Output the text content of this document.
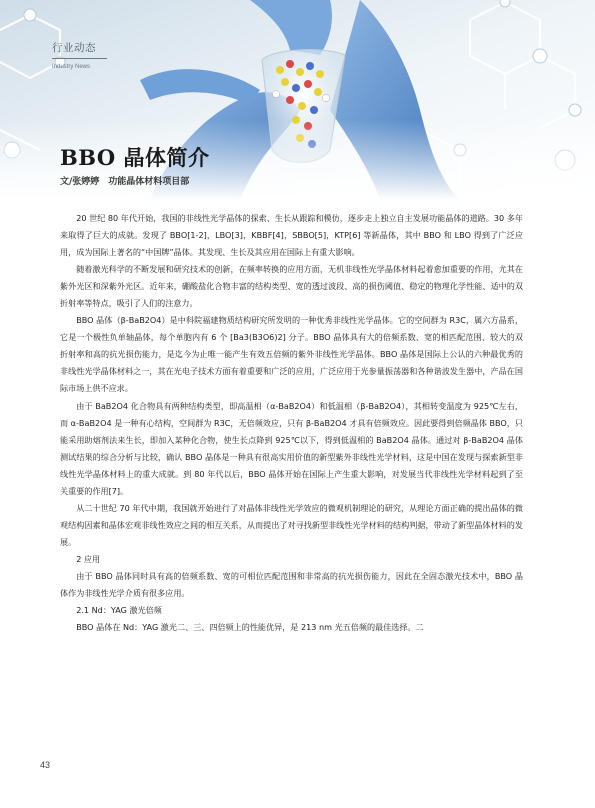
行业动态
Industry News
BBO 晶体简介
文/张婷婷　功能晶体材料项目部

20 世纪 80 年代开始，我国的非线性光学晶体的探索、生长从跟踪和模仿，逐步走上独立自主发展功能晶体的道路。30 多年来取得了巨大的成就。发现了 BBO[1-2]，LBO[3]，KBBF[4]，SBBO[5]，KTP[6] 等新晶体，其中 BBO 和 LBO 得到了广泛应用，成为国际上著名的“中国牌”晶体。其发现、生长及其应用在国际上有重大影响。

随着激光科学的不断发展和研究技术的创新，在频率转换的应用方面，无机非线性光学晶体材料起着愈加重要的作用，尤其在紫外光区和深紫外光区。近年来，硼酸盐化合物丰富的结构类型、宽的透过波段、高的损伤阈值、稳定的物理化学性能、适中的双折射率等特点，吸引了人们的注意力。

BBO 晶体（β-BaB2O4）是中科院福建物质结构研究所发明的一种优秀非线性光学晶体。它的空间群为 R3C，属六方晶系，它是一个极性负单轴晶体，每个单胞内有 6 个 [Ba3(B3O6)2] 分子。BBO 晶体具有大的倍频系数、宽的相匹配范围、较大的双折射率和高的抗光损伤能力，是迄今为止唯一能产生有效五倍频的紫外非线性光学晶体。BBO 晶体是国际上公认的六种最优秀的非线性光学晶体材料之一，其在光电子技术方面有着重要和广泛的应用，广泛应用于光参量振荡器和各种谐波发生器中，产品在国际市场上供不应求。

由于 BaB2O4 化合物具有两种结构类型，即高温相（α-BaB2O4）和低温相（β-BaB2O4），其相转变温度为 925℃左右，而 α-BaB2O4 是一种有心结构，空间群为 R3C，无倍频效应，只有 β-BaB2O4 才具有倍频效应。因此要得到倍频晶体 BBO，只能采用助熔剂法来生长，即加入某种化合物，使生长点降到 925℃以下，得到低温相的 BaB2O4 晶体。通过对 β-BaB2O4 晶体测试结果的综合分析与比较，确认 BBO 晶体是一种具有很高实用价值的新型紫外非线性光学材料，这是中国在发现与探索新型非线性光学晶体材料上的重大成就。到 80 年代以后，BBO 晶体开始在国际上产生重大影响，对发展当代非线性光学材料起到了至关重要的作用[7]。

从二十世纪 70 年代中期，我国就开始进行了对晶体非线性光学效应的微观机制理论的研究，从理论方面正确的提出晶体的微观结构因素和晶体宏观非线性效应之间的相互关系，从而提出了对寻找新型非线性光学材料的结构判据，带动了新型晶体材料的发展。

2 应用

由于 BBO 晶体同时具有高的倍频系数、宽的可相位匹配范围和非常高的抗光损伤能力，因此在全固态激光技术中，BBO 晶体作为非线性光学介质有很多应用。

2.1 Nd：YAG 激光倍频

BBO 晶体在 Nd：YAG 激光二、三、四倍频上的性能优异，是 213 nm 光五倍频的最佳选择。二

43
